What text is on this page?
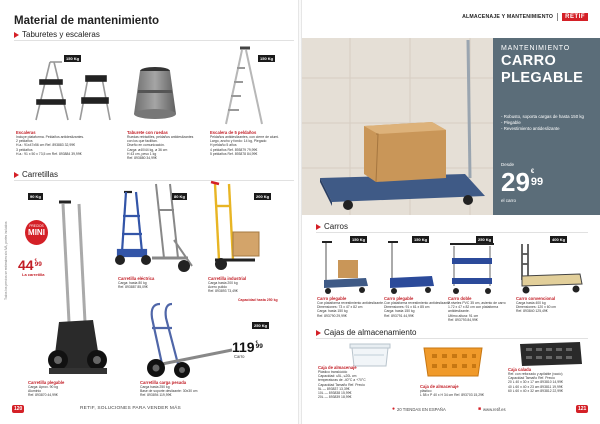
Material de mantenimiento
Taburetes y escaleras
150 Kg
Escaleras
Incluye plataforma. Peldaños antideslizantes.
2 peldaños
H.a.: 91x47x56 cm Ref. 893883 32,99€
3 peldaños
H.a.: 91 x 50 x 73,5 cm Ref. 893884 39,99€
Taburete con ruedas
Ruedas retráctiles, peldaños antideslizantes
con los que facilitan.
Diseño en comunicación.
Carga: ø40/44 kg, ø 36 cm
H 43 cm, peso 1 kg
Ref. 893880 34,99€
150 Kg
Escalera de 5 peldaños
Peldaños antideslizantes, con cierre de alumi.
Largo, ancho y fondo: 14 kg, Plegado
H peldaño 5 años
4 peldaños Ref. 893879 79,99€
5 peldaños Ref. 893878 84,99€
Carretillas
PRECIOS
MINI
90 Kg
44 €
99
La carretilla
Carretilla plegable
Carga: Aprox. 90 kg
Aluminio
Ref. 893870 44,99€
80 Kg
Carretilla eléctrica
Carga: hasta 80 kg
Ref. 893887 85,09€
200 Kg
Carretilla industrial
Carga hasta 200 kg
Acero pulido
Ref. 893893 73,49€
Capacidad hasta 250 kg
250 Kg
119 €
99
Carro
Carretilla carga pesada
Carga hasta 250 kg
Base de soporte deslizante: 30x30 cm
Ref. 893894 119,99€
Todos los precios se entienden sin IVA, portes incluidos
120	RETIF, SOLUCIONES PARA VENDER MÁS
ALMACENAJE Y MANTENIMIENTO	RETIF
MANTENIMIENTO
CARRO
PLEGABLE
- Robusto, soporta cargas de hasta 150 kg
- Plegable
- Revestimiento antideslizante
Desde
29 €
99
el carro
Carros
150 Kg
Carro plegable
Con plataforma revestimiento antideslizante.
Dimensiones: 73 x 47 x 82 cm
Carga: hasta 150 kg
Ref. 893790 29,99€
150 Kg
Carro plegable
Con plataforma revestimiento antideslizante.
Dimensiones: 91 x 61 x 85 cm
Carga: hasta 150 kg
Ref. 893791 44,99€
250 Kg
Carro doble
2 niveles PVC 35 cm, asiento de carro
1.72 x 47 x 82 cm con plataforma antideslizante.
Ultimo altura: 91 cm
Ref. 893793 84,99€
400 Kg
Carro convencional
Carga hasta 400 kg
Dimensiones: 120 x 60 cm
Ref. 893840 125,49€
Cajas de almacenamiento
Caja de almacenaje
Plástico translúcido
Capacidad: ≤5L, ≤20L cm
temperaturas de -40°C a +70°C
Capacidad Tamaño Ref. Precio
5L — 893837 13,39€
10L — 893838 15,99€
20L — 893839 18,99€
Caja de almacenaje
plástico
L 58 x P 40 x H 34 cm Ref. 893703 15,29€
Caja calada
Ref. con reforzado y apilable (vacío)
Capacidad Tamaño Ref. Precio
20 L 40 x 30 x 17 cm 893810 14,99€
40 L 60 x 40 x 23 cm 893811 19,99€
60 L 60 x 40 x 32 cm 893812 22,99€
● 20 TIENDAS EN ESPAÑA	■ www.retif.es	121
